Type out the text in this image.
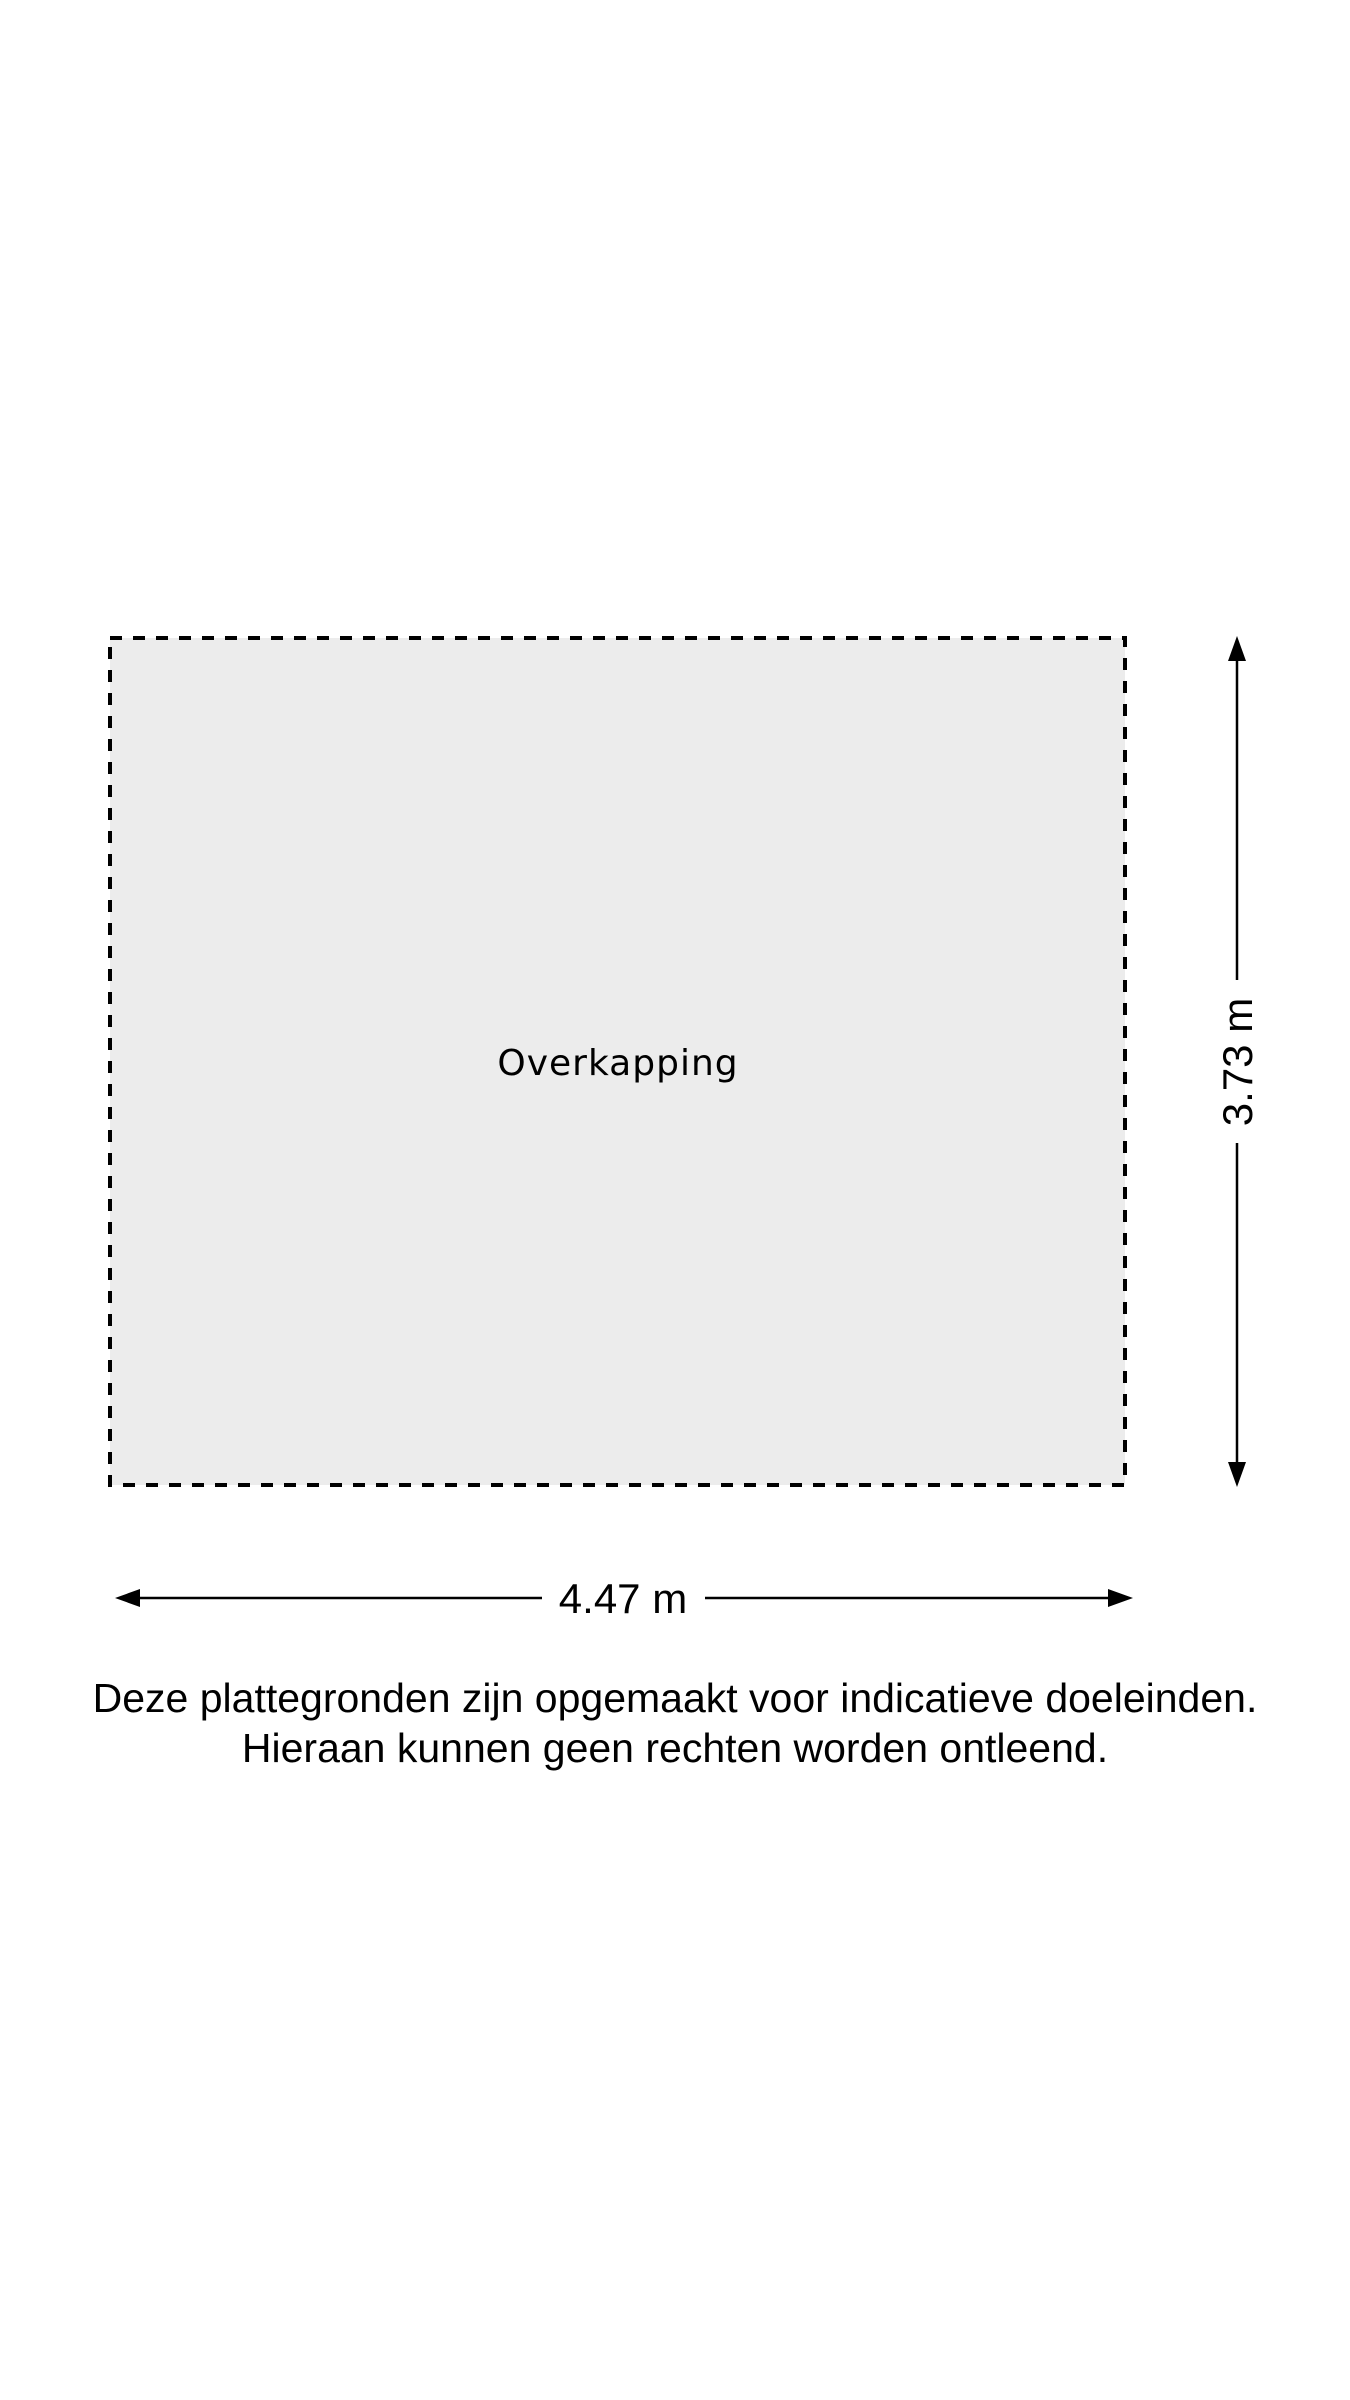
Overkapping
4.47 m
3.73 m
Deze plattegronden zijn opgemaakt voor indicatieve doeleinden.
Hieraan kunnen geen rechten worden ontleend.
